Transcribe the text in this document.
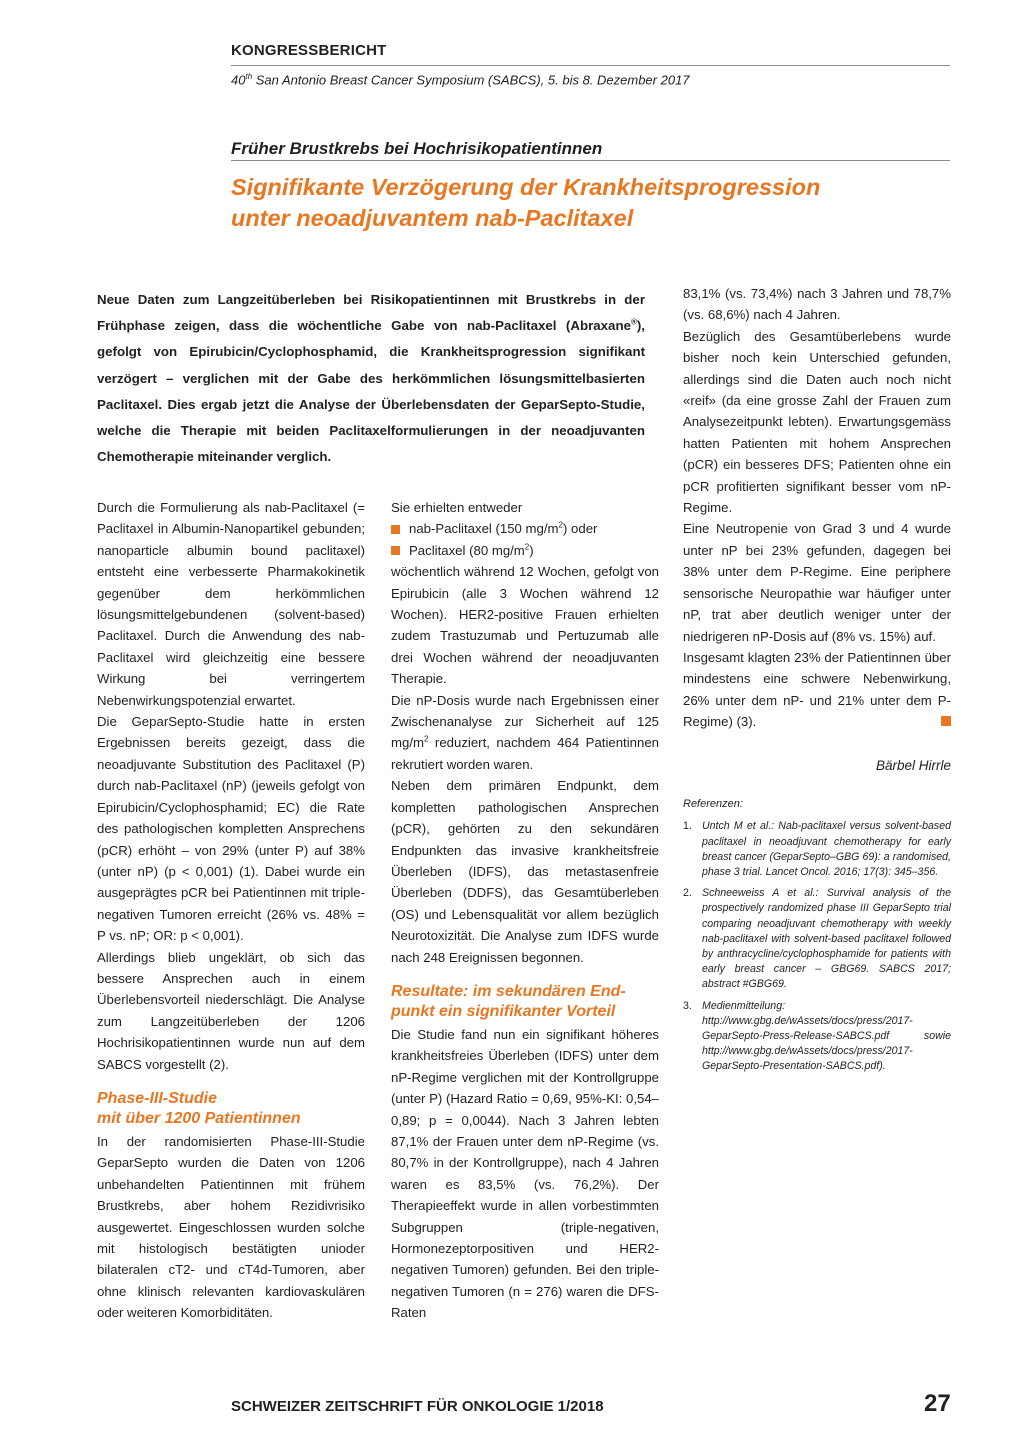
KONGRESSBERICHT
40th San Antonio Breast Cancer Symposium (SABCS), 5. bis 8. Dezember 2017
Früher Brustkrebs bei Hochrisikopatientinnen
Signifikante Verzögerung der Krankheitsprogression
unter neoadjuvantem nab-Paclitaxel
Neue Daten zum Langzeitüberleben bei Risikopatientinnen mit Brustkrebs in der Frühphase zeigen, dass die wöchentliche Gabe von nab-Paclitaxel (Abraxane®), gefolgt von Epirubicin/Cyclophosphamid, die Krankheitsprogression signifikant verzögert – verglichen mit der Gabe des herkömmlichen lösungsmittelbasierten Paclitaxel. Dies ergab jetzt die Analyse der Überlebensdaten der GeparSepto-Studie, welche die Therapie mit beiden Paclitaxelformulierungen in der neoadjuvanten Chemotherapie miteinander verglich.

Durch die Formulierung als nab-Paclitaxel (= Paclitaxel in Albumin-Nanopartikel gebunden; nanoparticle albumin bound paclitaxel) entsteht eine verbesserte Pharmakokinetik gegenüber dem herkömmlichen lösungsmittelgebundenen (solvent-based) Paclitaxel. Durch die Anwendung des nab-Paclitaxel wird gleichzeitig eine bessere Wirkung bei verringertem Nebenwirkungspotenzial erwartet.

Die GeparSepto-Studie hatte in ersten Ergebnissen bereits gezeigt, dass die neoadjuvante Substitution des Paclitaxel (P) durch nab-Paclitaxel (nP) (jeweils gefolgt von Epirubicin/Cyclophosphamid; EC) die Rate des pathologischen kompletten Ansprechens (pCR) erhöht – von 29% (unter P) auf 38% (unter nP) (p < 0,001) (1). Dabei wurde ein ausgeprägtes pCR bei Patientinnen mit triple-negativen Tumoren erreicht (26% vs. 48% = P vs. nP; OR: p < 0,001).

Allerdings blieb ungeklärt, ob sich das bessere Ansprechen auch in einem Überlebensvorteil niederschlägt. Die Analyse zum Langzeitüberleben der 1206 Hochrisikopatientinnen wurde nun auf dem SABCS vorgestellt (2).

Phase-III-Studie
mit über 1200 Patientinnen

In der randomisierten Phase-III-Studie GeparSepto wurden die Daten von 1206 unbehandelten Patientinnen mit frühem Brustkrebs, aber hohem Rezidivrisiko ausgewertet. Eingeschlossen wurden solche mit histologisch bestätigten unioder bilateralen cT2- und cT4d-Tumoren, aber ohne klinisch relevanten kardiovaskulären oder weiteren Komorbiditäten.

Sie erhielten entweder

nab-Paclitaxel (150 $mg/m^2$) oder
Paclitaxel (80 $mg/m^2$)

wöchentlich während 12 Wochen, gefolgt von Epirubicin (alle 3 Wochen während 12 Wochen). HER2-positive Frauen erhielten zudem Trastuzumab und Pertuzumab alle drei Wochen während der neoadjuvanten Therapie.

Die nP-Dosis wurde nach Ergebnissen einer Zwischenanalyse zur Sicherheit auf 125 $mg/m^2$ reduziert, nachdem 464 Patientinnen rekrutiert worden waren.

Neben dem primären Endpunkt, dem kompletten pathologischen Ansprechen (pCR), gehörten zu den sekundären Endpunkten das invasive krankheitsfreie Überleben (IDFS), das metastasenfreie Überleben (DDFS), das Gesamtüberleben (OS) und Lebensqualität vor allem bezüglich Neurotoxizität. Die Analyse zum IDFS wurde nach 248 Ereignissen begonnen.

Resultate: im sekundären End-
punkt ein signifikanter Vorteil

Die Studie fand nun ein signifikant höheres krankheitsfreies Überleben (IDFS) unter dem nP-Regime verglichen mit der Kontrollgruppe (unter P) (Hazard Ratio = 0,69, 95%-KI: 0,54–0,89; p = 0,0044). Nach 3 Jahren lebten 87,1% der Frauen unter dem nP-Regime (vs. 80,7% in der Kontrollgruppe), nach 4 Jahren waren es 83,5% (vs. 76,2%). Der Therapieeffekt wurde in allen vorbestimmten Subgruppen (triple-negativen, Hormonezeptorpositiven und HER2-negativen Tumoren) gefunden. Bei den triple-negativen Tumoren (n = 276) waren die DFS-Raten

83,1% (vs. 73,4%) nach 3 Jahren und 78,7% (vs. 68,6%) nach 4 Jahren.

Bezüglich des Gesamtüberlebens wurde bisher noch kein Unterschied gefunden, allerdings sind die Daten auch noch nicht «reif» (da eine grosse Zahl der Frauen zum Analysezeitpunkt lebten). Erwartungsgemäss hatten Patienten mit hohem Ansprechen (pCR) ein besseres DFS; Patienten ohne ein pCR profitierten signifikant besser vom nP-Regime.

Eine Neutropenie von Grad 3 und 4 wurde unter nP bei 23% gefunden, dagegen bei 38% unter dem P-Regime. Eine periphere sensorische Neuropathie war häufiger unter nP, trat aber deutlich weniger unter der niedrigeren nP-Dosis auf (8% vs. 15%) auf.

Insgesamt klagten 23% der Patientinnen über mindestens eine schwere Nebenwirkung, 26% unter dem nP- und 21% unter dem P-Regime) (3).

Bärbel Hirrle
Referenzen:
1. Untch M et al.: Nab-paclitaxel versus solvent-based paclitaxel in neoadjuvant chemotherapy for early breast cancer (GeparSepto–GBG 69): a randomised, phase 3 trial. Lancet Oncol. 2016; 17(3): 345–356.
2. Schneeweiss A et al.: Survival analysis of the prospectively randomized phase III GeparSepto trial comparing neoadjuvant chemotherapy with weekly nab-paclitaxel with solvent-based paclitaxel followed by anthracycline/cyclophosphamide for patients with early breast cancer – GBG69. SABCS 2017; abstract #GBG69.
3. Medienmitteilung: http://www.gbg.de/wAssets/docs/press/2017-GeparSepto-Press-Release-SABCS.pdf sowie http://www.gbg.de/wAssets/docs/press/2017-GeparSepto-Presentation-SABCS.pdf).
SCHWEIZER ZEITSCHRIFT FÜR ONKOLOGIE 1/2018	27
